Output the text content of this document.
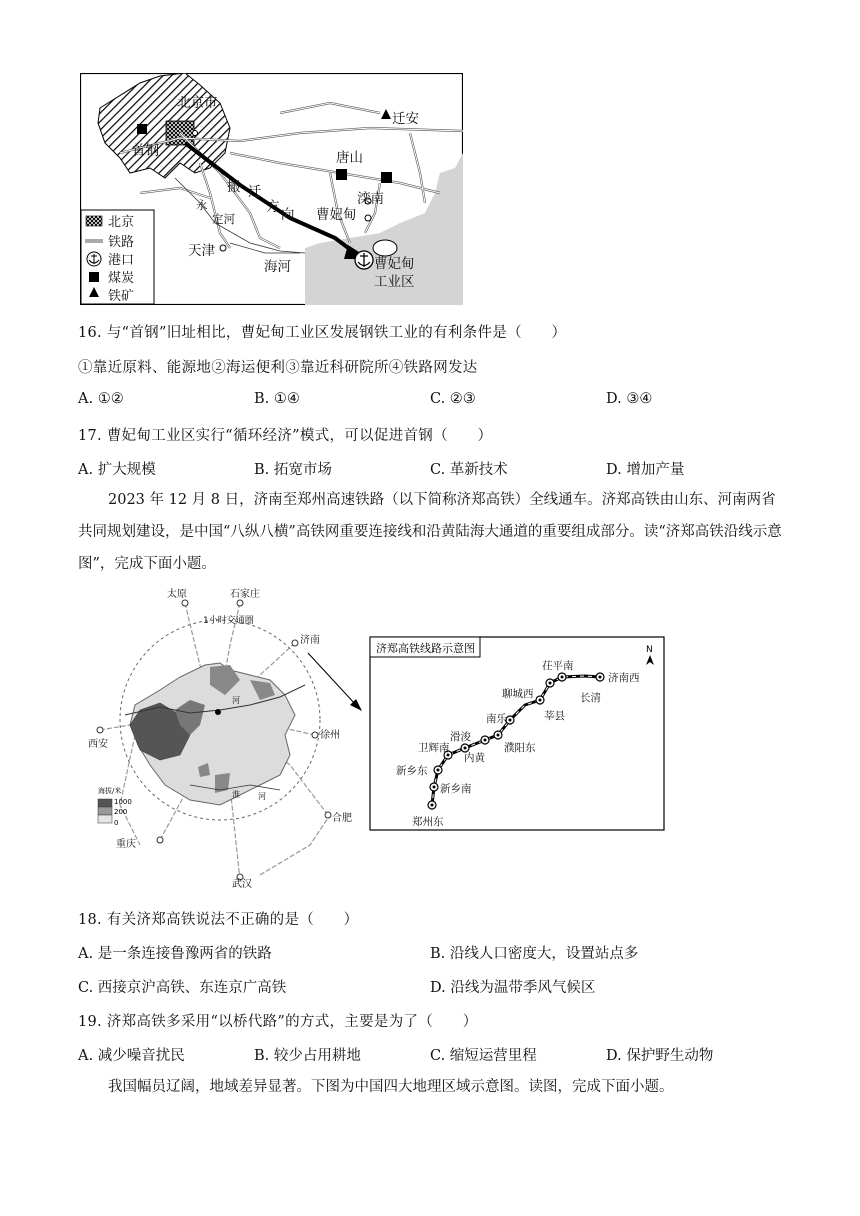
北京市
迁安
首钢	唐山
滦南
曹妃甸
天津
海河	曹妃甸
工业区
搬 迁
方 向
永
定河
北京
铁路
港口
煤炭
铁矿
16. 与“首钢”旧址相比，曹妃甸工业区发展钢铁工业的有利条件是（　　）
①靠近原料、能源地②海运便利③靠近科研院所④铁路网发达
A. ①②	B. ①④	C. ②③	D. ③④
17. 曹妃甸工业区实行“循环经济”模式，可以促进首钢（　　）
A. 扩大规模	B. 拓宽市场	C. 革新技术	D. 增加产量
2023 年 12 月 8 日，济南至郑州高速铁路（以下简称济郑高铁）全线通车。济郑高铁由山东、河南两省共同规划建设，是中国“八纵八横”高铁网重要连接线和沿黄陆海大通道的重要组成部分。读“济郑高铁沿线示意图”，完成下面小题。
太原	石家庄
济南
西安
徐州
合肥
重庆
武汉
1小时交通圈
河
淮 河
海拔/米
1000
200
0
济郑高铁线路示意图	N
济南西
长清
茌平南
聊城西
莘县
南乐
濮阳东
内黄
滑浚
卫辉南
新乡东
新乡南
郑州东
18. 有关济郑高铁说法不正确的是（　　）
A. 是一条连接鲁豫两省的铁路	B. 沿线人口密度大，设置站点多
C. 西接京沪高铁、东连京广高铁	D. 沿线为温带季风气候区
19. 济郑高铁多采用“以桥代路”的方式，主要是为了（　　）
A. 减少噪音扰民	B. 较少占用耕地	C. 缩短运营里程	D. 保护野生动物
我国幅员辽阔，地域差异显著。下图为中国四大地理区域示意图。读图，完成下面小题。
